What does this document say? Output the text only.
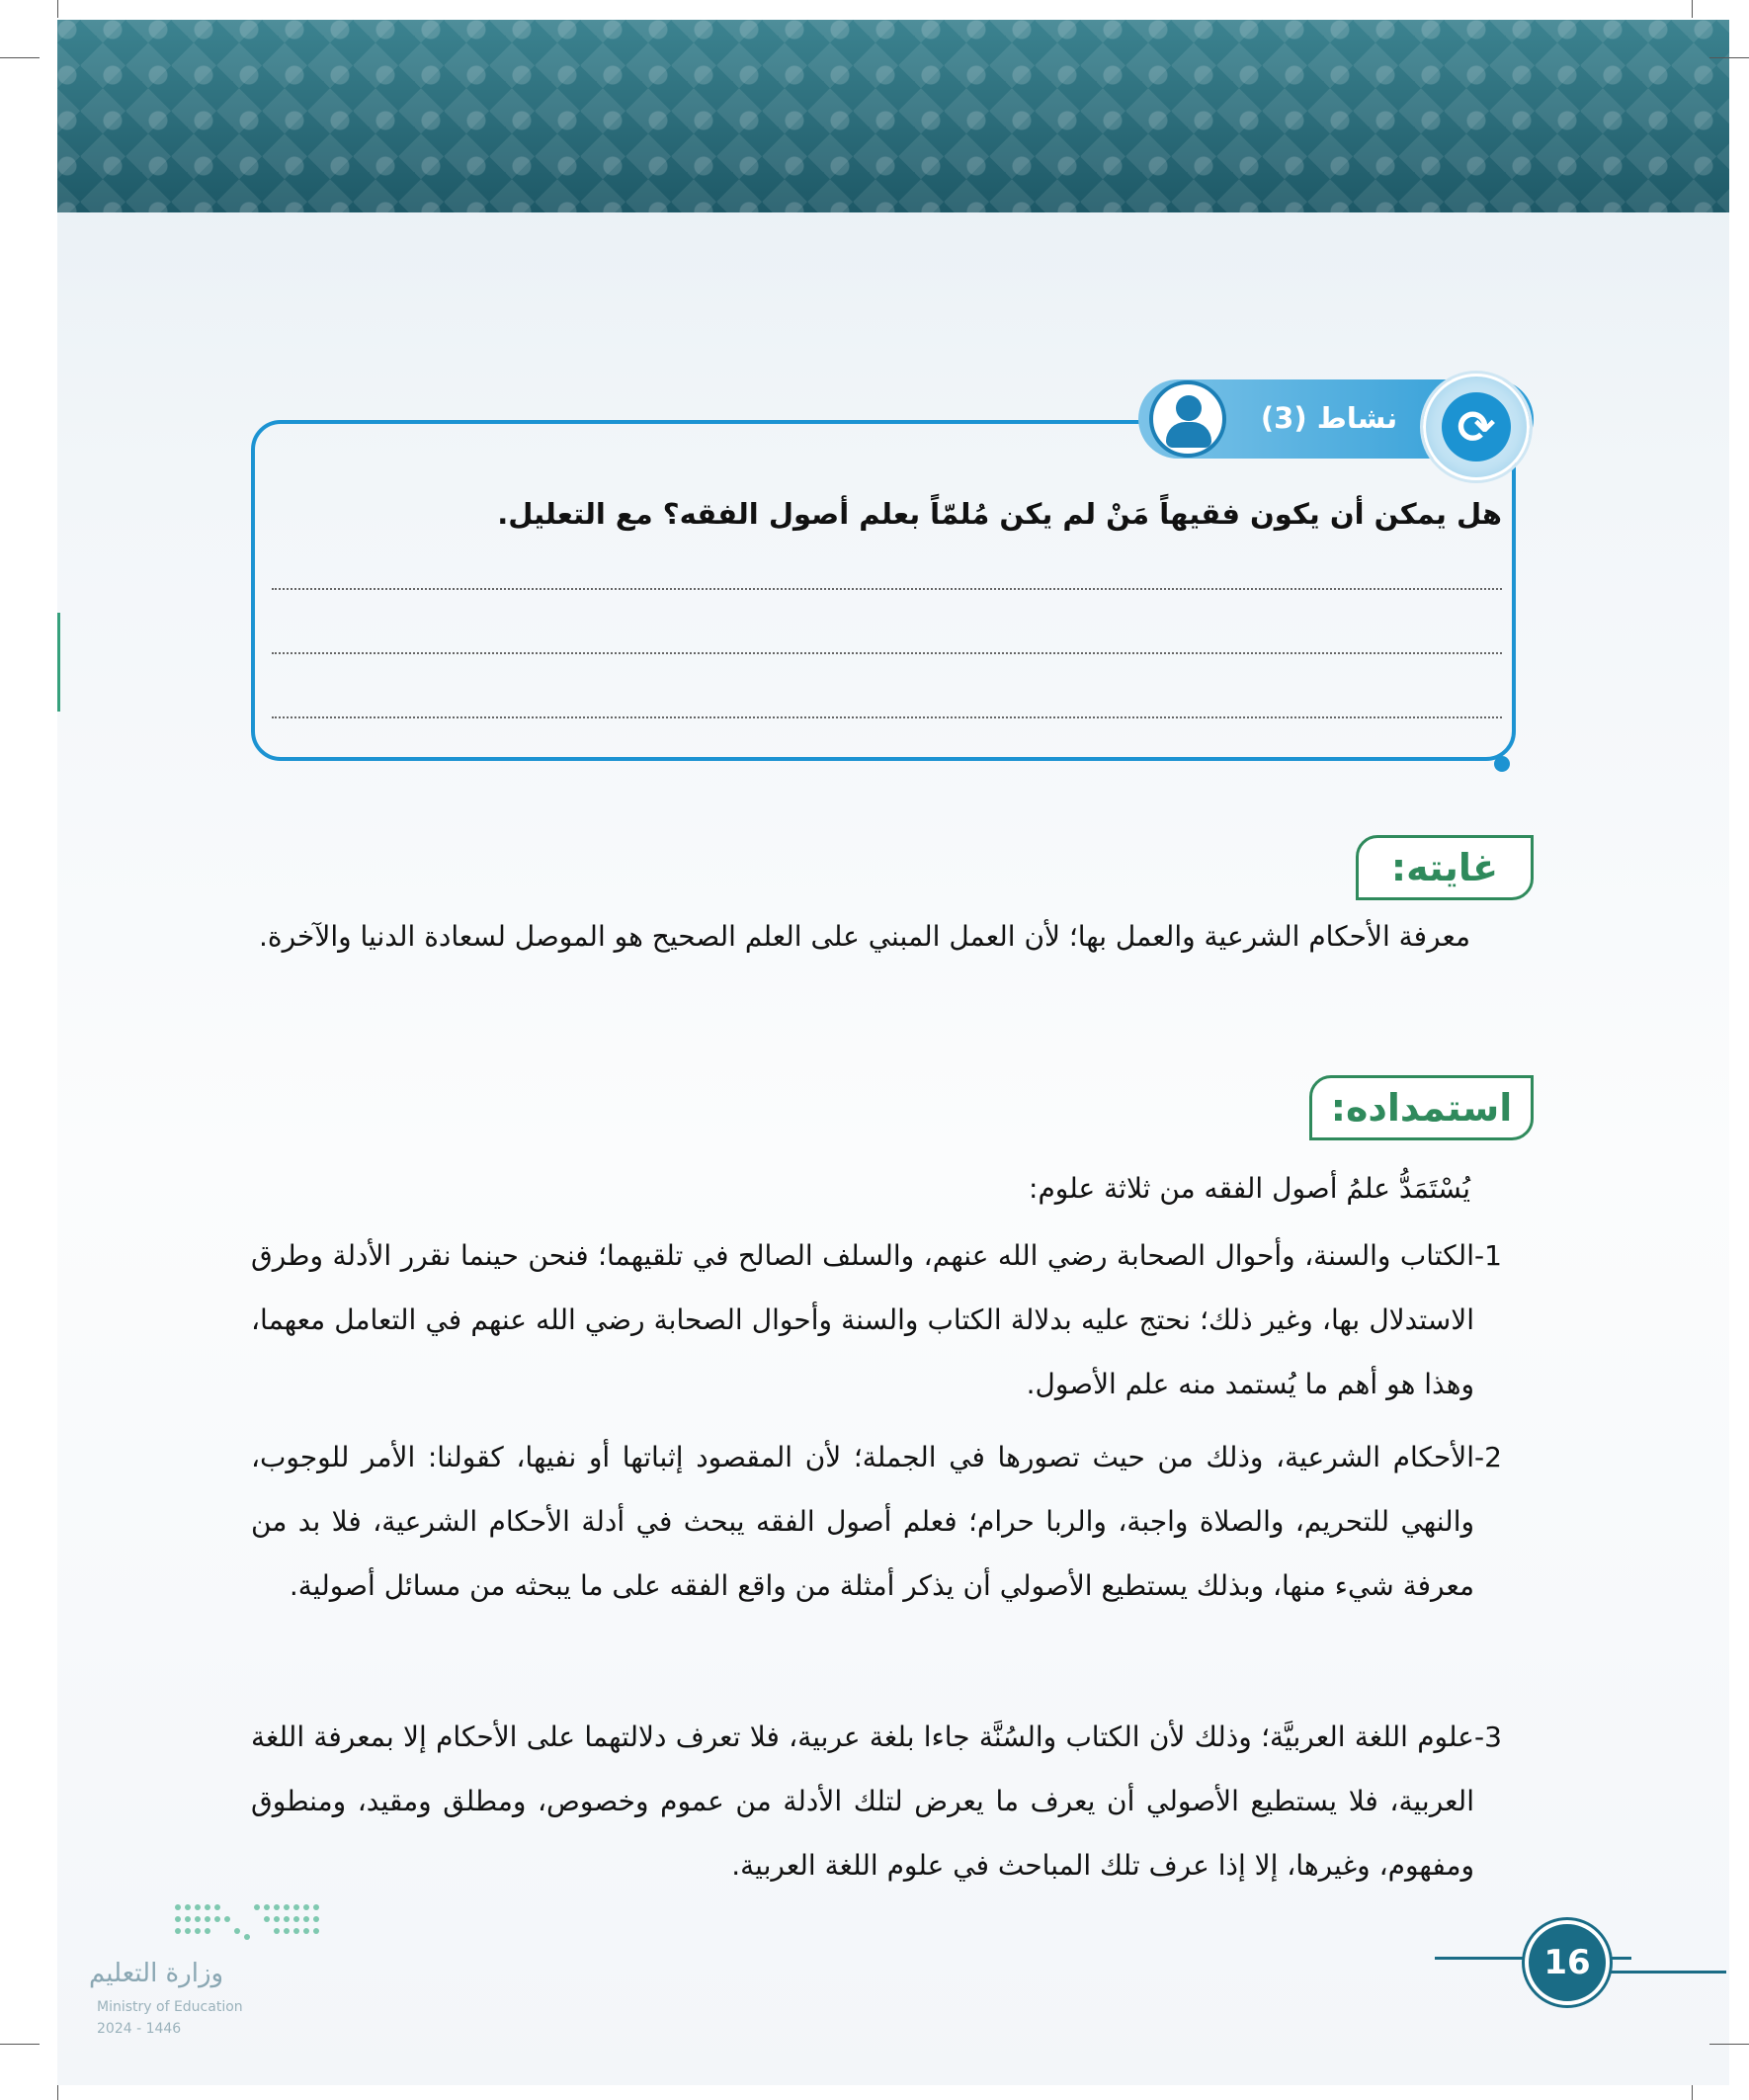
نشاط (3)	⟳
هل يمكن أن يكون فقيهاً مَنْ لم يكن مُلمّاً بعلم أصول الفقه؟ مع التعليل.
غايته:
معرفة الأحكام الشرعية والعمل بها؛ لأن العمل المبني على العلم الصحيح هو الموصل لسعادة الدنيا والآخرة.
استمداده:
يُسْتَمَدُّ علمُ أصول الفقه من ثلاثة علوم:
-1
الكتاب والسنة، وأحوال الصحابة رضي الله عنهم، والسلف الصالح في تلقيهما؛ فنحن حينما نقرر الأدلة وطرق الاستدلال بها، وغير ذلك؛ نحتج عليه بدلالة الكتاب والسنة وأحوال الصحابة رضي الله عنهم في التعامل معهما، وهذا هو أهم ما يُستمد منه علم الأصول.
-2
الأحكام الشرعية، وذلك من حيث تصورها في الجملة؛ لأن المقصود إثباتها أو نفيها، كقولنا: الأمر للوجوب، والنهي للتحريم، والصلاة واجبة، والربا حرام؛ فعلم أصول الفقه يبحث في أدلة الأحكام الشرعية، فلا بد من معرفة شيء منها، وبذلك يستطيع الأصولي أن يذكر أمثلة من واقع الفقه على ما يبحثه من مسائل أصولية.
-3
علوم اللغة العربيَّة؛ وذلك لأن الكتاب والسُنَّة جاءا بلغة عربية، فلا تعرف دلالتهما على الأحكام إلا بمعرفة اللغة العربية، فلا يستطيع الأصولي أن يعرف ما يعرض لتلك الأدلة من عموم وخصوص، ومطلق ومقيد، ومنطوق ومفهوم، وغيرها، إلا إذا عرف تلك المباحث في علوم اللغة العربية.
16
وزارة التعليم
Ministry of Education
2024 - 1446
